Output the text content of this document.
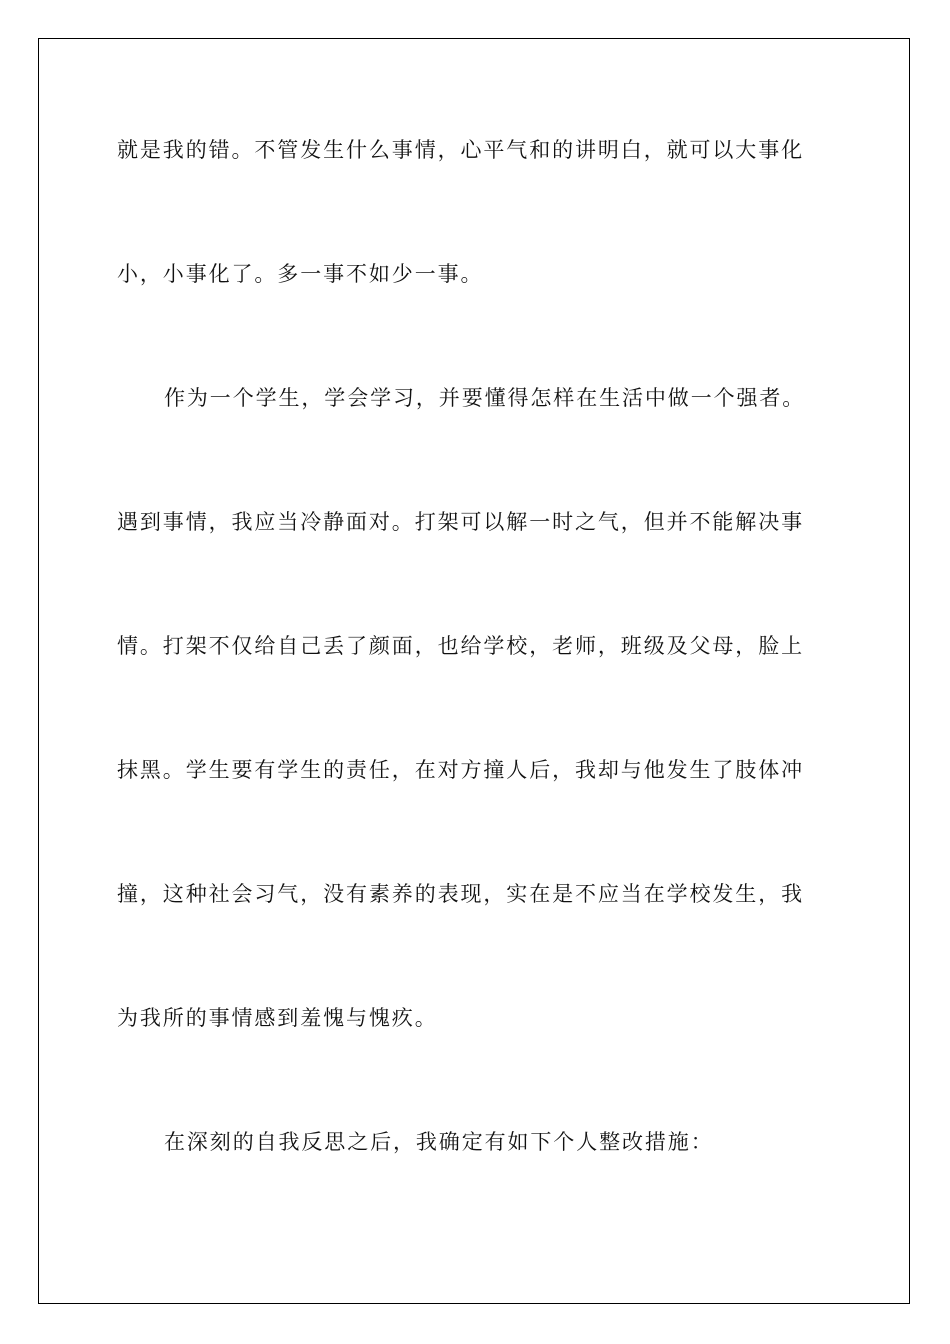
就是我的错。不管发生什么事情，心平气和的讲明白，就可以大事化
小，小事化了。多一事不如少一事。
作为一个学生，学会学习，并要懂得怎样在生活中做一个强者。
遇到事情，我应当冷静面对。打架可以解一时之气，但并不能解决事
情。打架不仅给自己丢了颜面，也给学校，老师，班级及父母，脸上
抹黑。学生要有学生的责任，在对方撞人后，我却与他发生了肢体冲
撞，这种社会习气，没有素养的表现，实在是不应当在学校发生，我
为我所的事情感到羞愧与愧疚。
在深刻的自我反思之后，我确定有如下个人整改措施：
